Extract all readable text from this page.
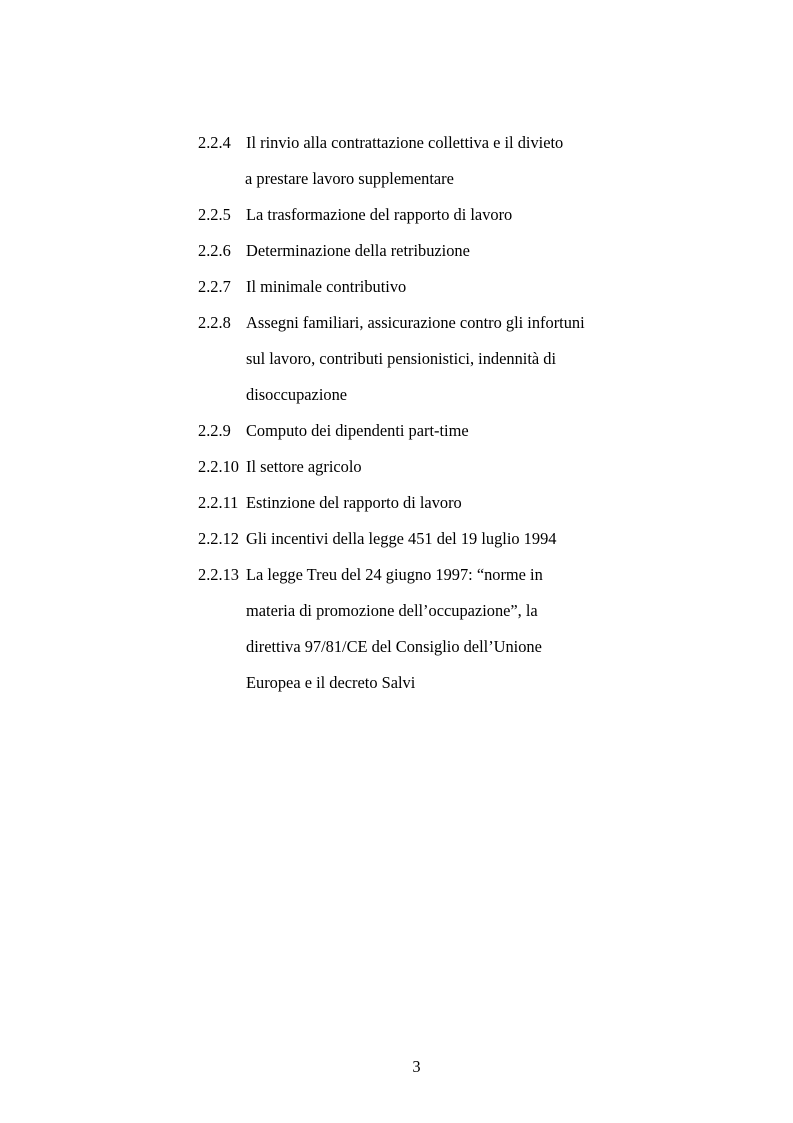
2.2.4 Il rinvio alla contrattazione collettiva e il divieto
a prestare lavoro supplementare
2.2.5 La trasformazione del rapporto di lavoro
2.2.6 Determinazione della retribuzione
2.2.7 Il minimale contributivo
2.2.8 Assegni familiari, assicurazione contro gli infortuni
sul lavoro, contributi pensionistici, indennità di
disoccupazione
2.2.9 Computo dei dipendenti part-time
2.2.10 Il settore agricolo
2.2.11 Estinzione del rapporto di lavoro
2.2.12 Gli incentivi della legge 451 del 19 luglio 1994
2.2.13 La legge Treu del 24 giugno 1997: “norme in
materia di promozione dell’occupazione”, la
direttiva 97/81/CE del Consiglio dell’Unione
Europea e il decreto Salvi
3
